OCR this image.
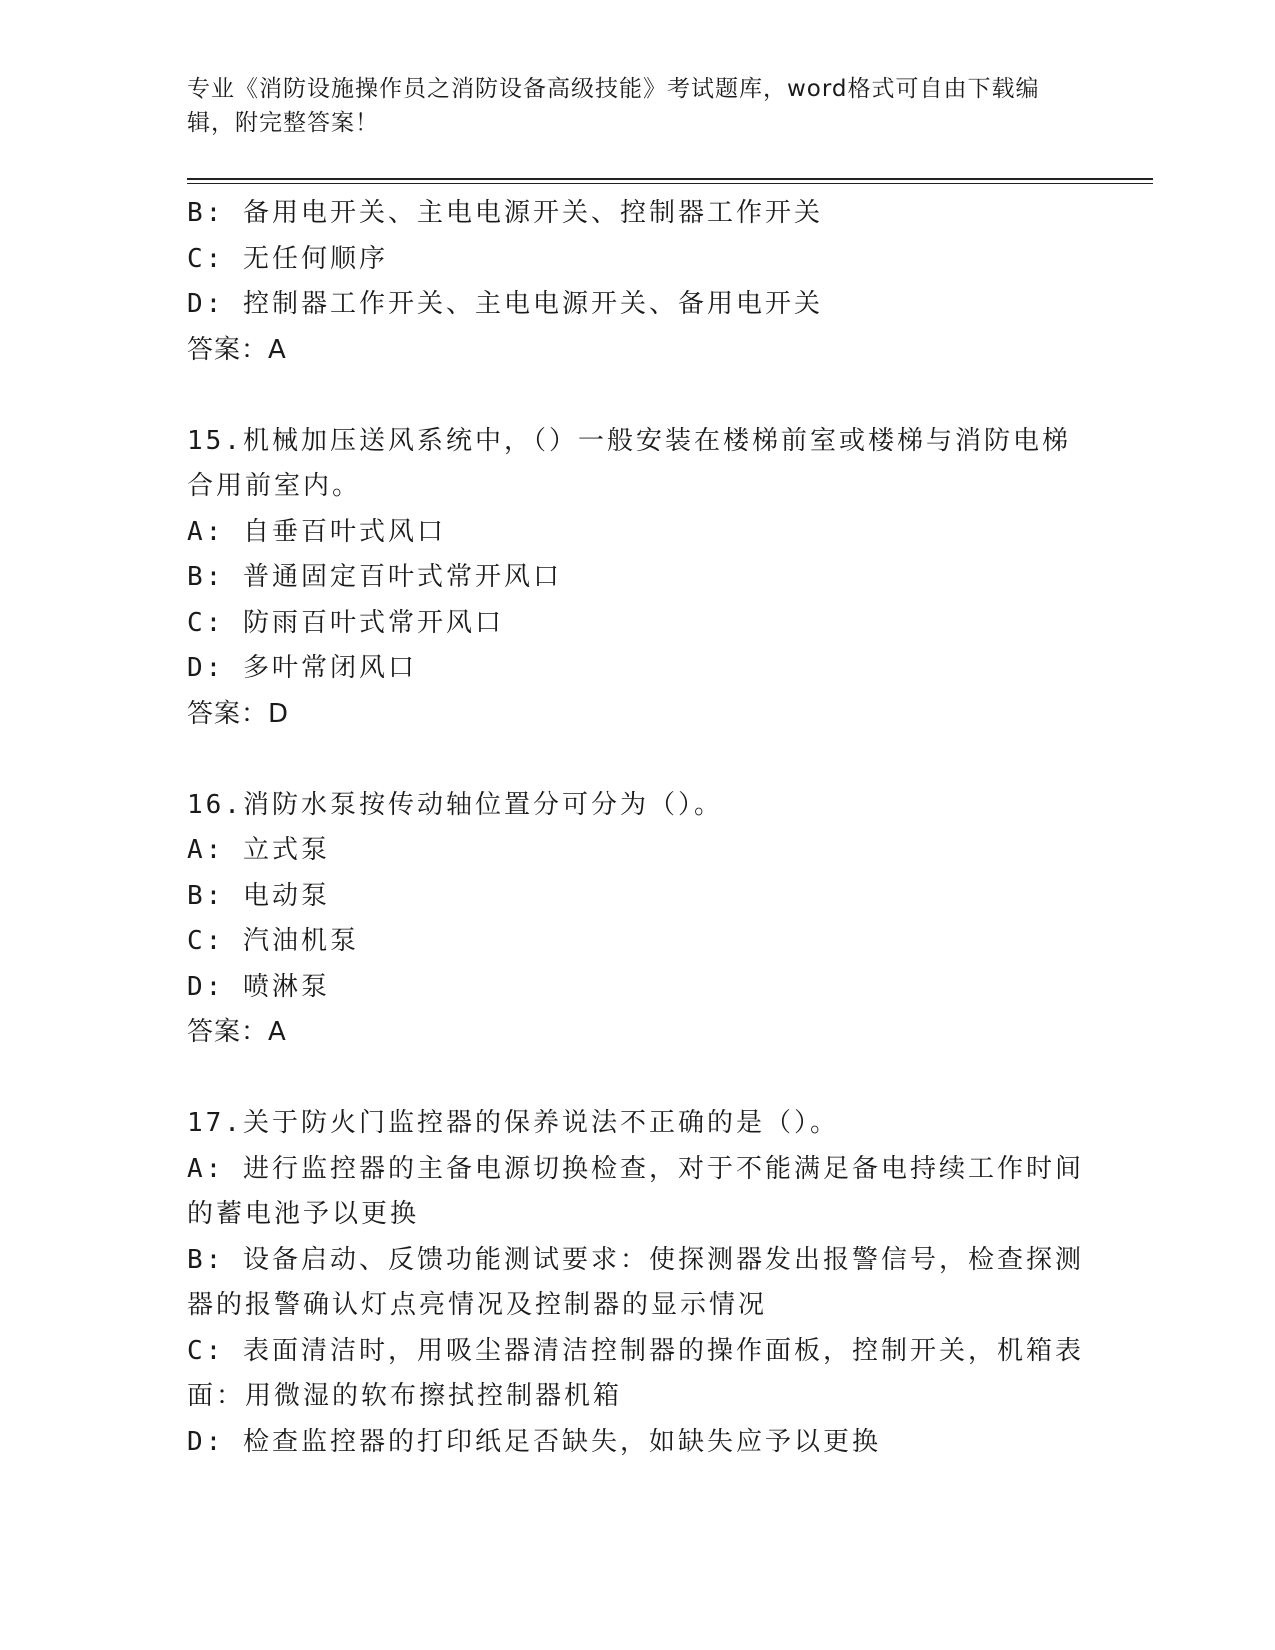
专业《消防设施操作员之消防设备高级技能》考试题库，word格式可自由下载编辑，附完整答案！

B: 备用电开关、主电电源开关、控制器工作开关

C: 无任何顺序

D: 控制器工作开关、主电电源开关、备用电开关

答案：A

15.机械加压送风系统中，（）一般安装在楼梯前室或楼梯与消防电梯

合用前室内。

A: 自垂百叶式风口

B: 普通固定百叶式常开风口

C: 防雨百叶式常开风口

D: 多叶常闭风口

答案：D

16.消防水泵按传动轴位置分可分为（）。

A: 立式泵

B: 电动泵

C: 汽油机泵

D: 喷淋泵

答案：A

17.关于防火门监控器的保养说法不正确的是（）。

A: 进行监控器的主备电源切换检查，对于不能满足备电持续工作时间

的蓄电池予以更换

B: 设备启动、反馈功能测试要求：使探测器发出报警信号，检查探测

器的报警确认灯点亮情况及控制器的显示情况

C: 表面清洁时，用吸尘器清洁控制器的操作面板，控制开关，机箱表

面：用微湿的软布擦拭控制器机箱

D: 检查监控器的打印纸足否缺失，如缺失应予以更换
